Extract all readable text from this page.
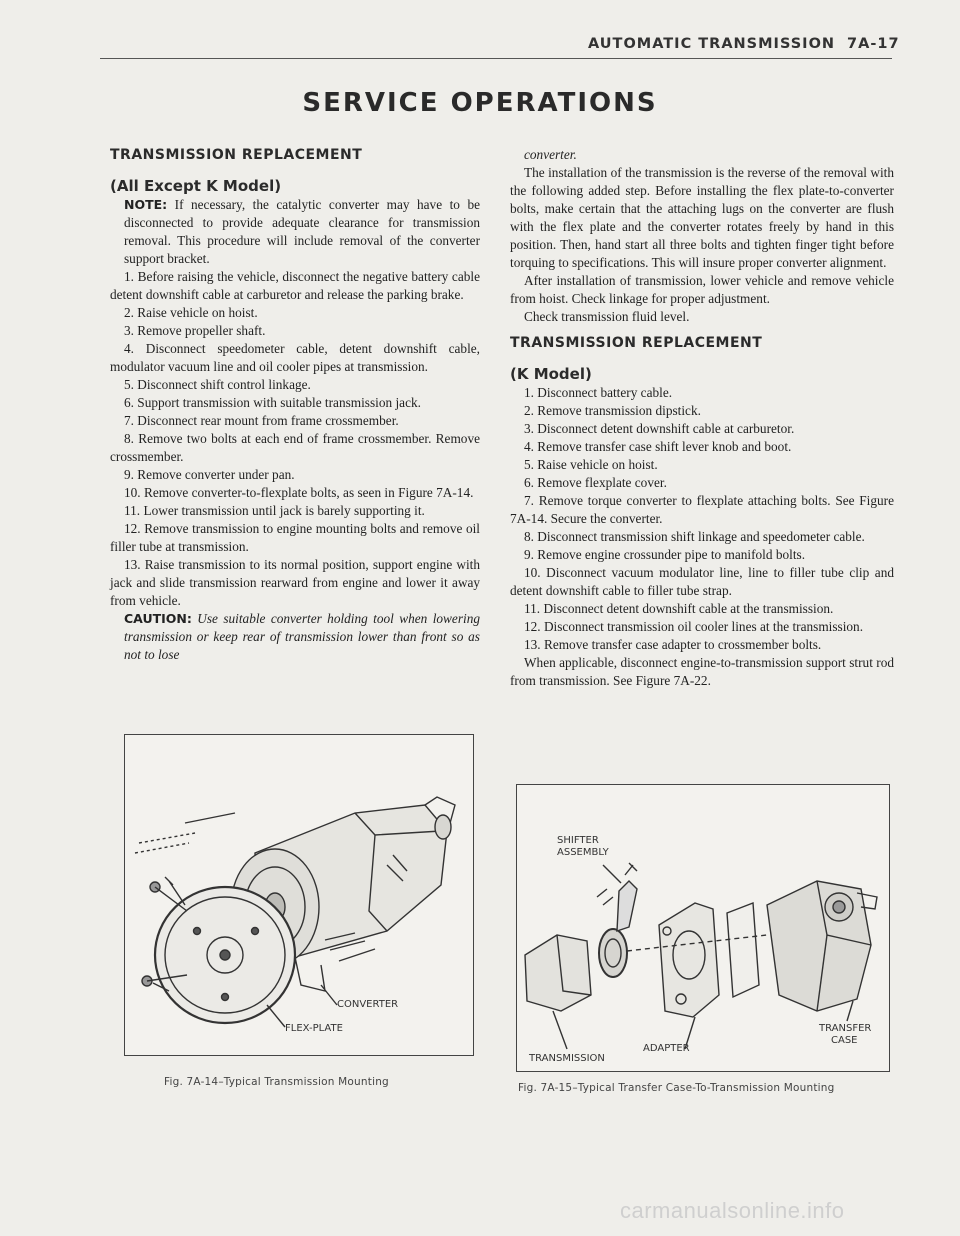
AUTOMATIC TRANSMISSION 7A-17
SERVICE OPERATIONS

TRANSMISSION REPLACEMENT

(All Except K Model)

NOTE: If necessary, the catalytic converter may have to be disconnected to provide adequate clearance for transmission removal. This procedure will include removal of the converter support bracket.

1. Before raising the vehicle, disconnect the negative battery cable detent downshift cable at carburetor and release the parking brake.

2. Raise vehicle on hoist.

3. Remove propeller shaft.

4. Disconnect speedometer cable, detent downshift cable, modulator vacuum line and oil cooler pipes at transmission.

5. Disconnect shift control linkage.

6. Support transmission with suitable transmission jack.

7. Disconnect rear mount from frame crossmember.

8. Remove two bolts at each end of frame crossmember. Remove crossmember.

9. Remove converter under pan.

10. Remove converter-to-flexplate bolts, as seen in Figure 7A-14.

11. Lower transmission until jack is barely supporting it.

12. Remove transmission to engine mounting bolts and remove oil filler tube at transmission.

13. Raise transmission to its normal position, support engine with jack and slide transmission rearward from engine and lower it away from vehicle.

CAUTION: Use suitable converter holding tool when lowering transmission or keep rear of transmission lower than front so as not to lose

converter.

The installation of the transmission is the reverse of the removal with the following added step. Before installing the flex plate-to-converter bolts, make certain that the attaching lugs on the converter are flush with the flex plate and the converter rotates freely by hand in this position. Then, hand start all three bolts and tighten finger tight before torquing to specifications. This will insure proper converter alignment.

After installation of transmission, lower vehicle and remove vehicle from hoist. Check linkage for proper adjustment.

Check transmission fluid level.

TRANSMISSION REPLACEMENT

(K Model)

1. Disconnect battery cable.

2. Remove transmission dipstick.

3. Disconnect detent downshift cable at carburetor.

4. Remove transfer case shift lever knob and boot.

5. Raise vehicle on hoist.

6. Remove flexplate cover.

7. Remove torque converter to flexplate attaching bolts. See Figure 7A-14. Secure the converter.

8. Disconnect transmission shift linkage and speedometer cable.

9. Remove engine crossunder pipe to manifold bolts.

10. Disconnect vacuum modulator line, line to filler tube clip and detent downshift cable to filler tube strap.

11. Disconnect detent downshift cable at the transmission.

12. Disconnect transmission oil cooler lines at the transmission.

13. Remove transfer case adapter to crossmember bolts.

When applicable, disconnect engine-to-transmission support strut rod from transmission. See Figure 7A-22.

CONVERTER
FLEX-PLATE
Fig. 7A-14–Typical Transmission Mounting
SHIFTER
ASSEMBLY
ADAPTER
TRANSFER
CASE
TRANSMISSION
Fig. 7A-15–Typical Transfer Case-To-Transmission Mounting
carmanualsonline.info
